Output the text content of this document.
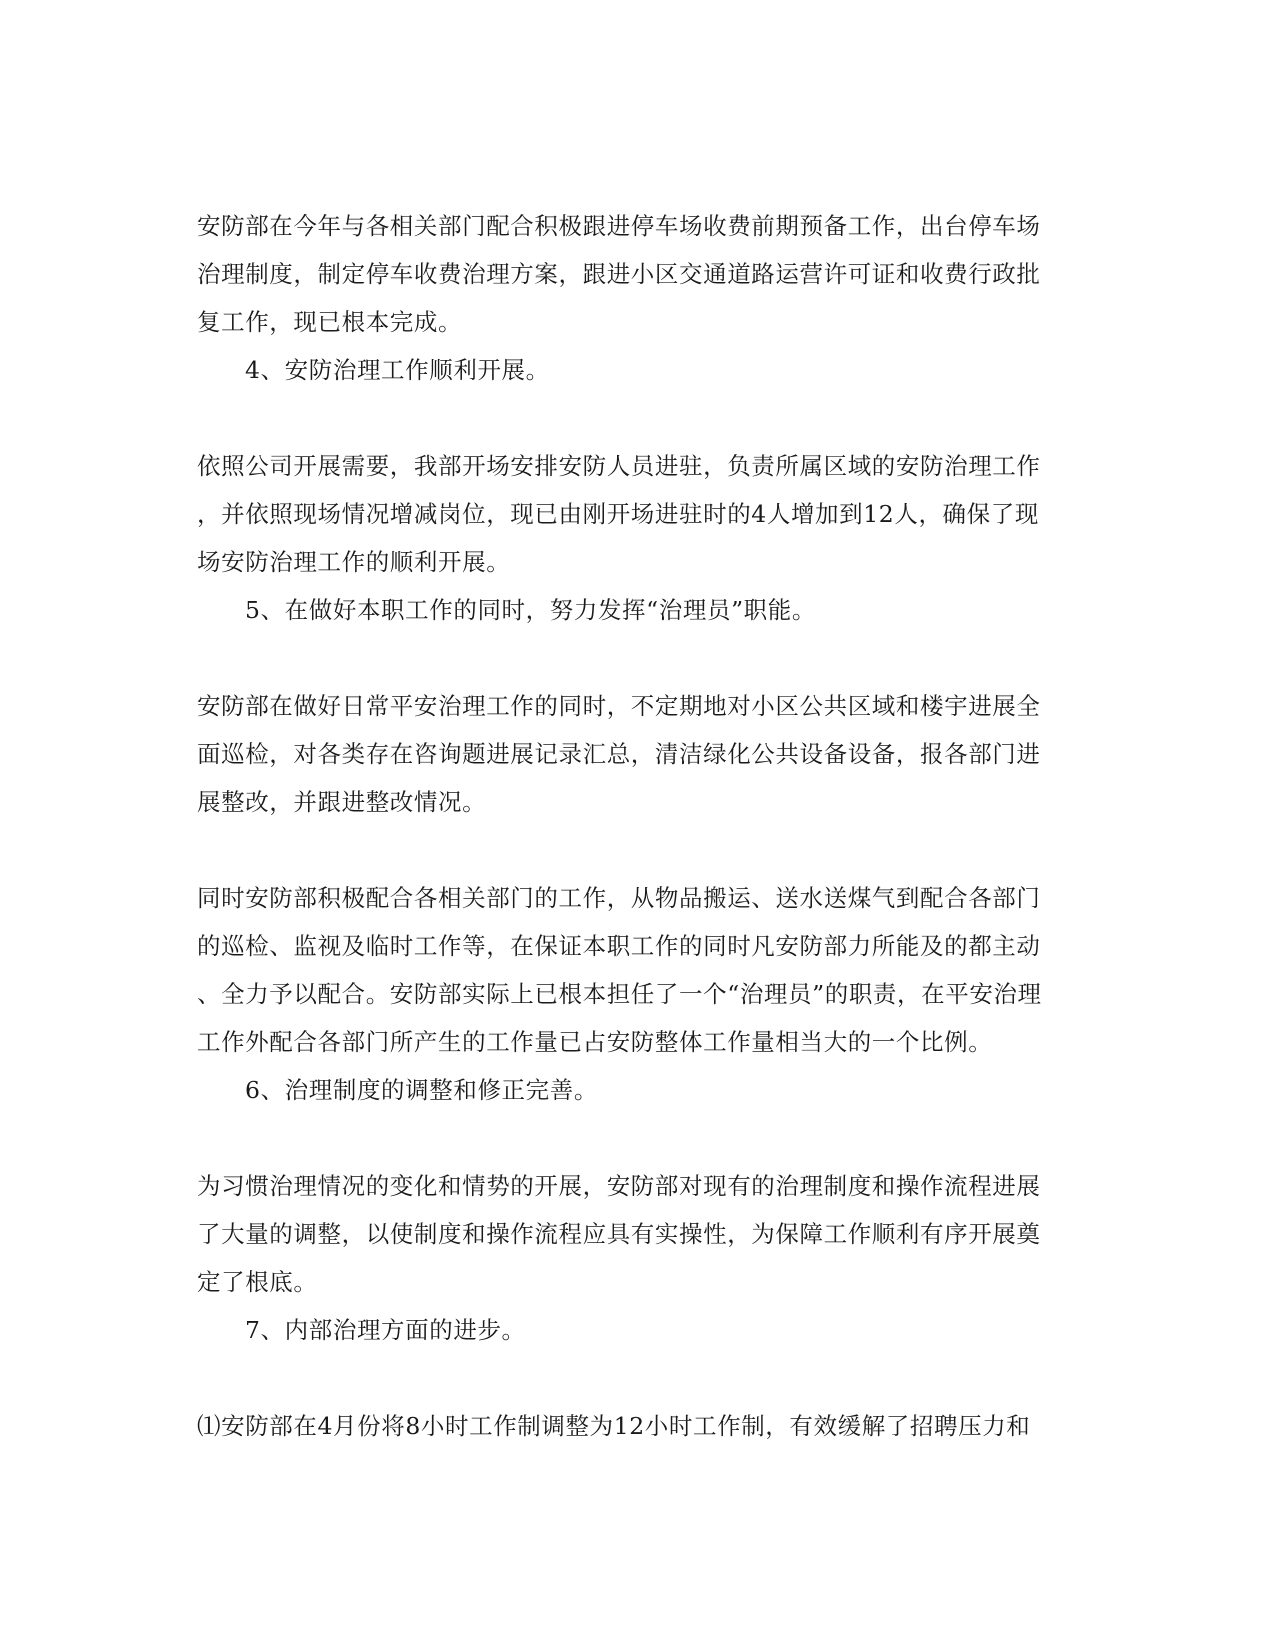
安防部在今年与各相关部门配合积极跟进停车场收费前期预备工作，出台停车场
治理制度，制定停车收费治理方案，跟进小区交通道路运营许可证和收费行政批
复工作，现已根本完成。
4、安防治理工作顺利开展。
依照公司开展需要，我部开场安排安防人员进驻，负责所属区域的安防治理工作
，并依照现场情况增减岗位，现已由刚开场进驻时的4人增加到12人，确保了现
场安防治理工作的顺利开展。
5、在做好本职工作的同时，努力发挥“治理员”职能。
安防部在做好日常平安治理工作的同时，不定期地对小区公共区域和楼宇进展全
面巡检，对各类存在咨询题进展记录汇总，清洁绿化公共设备设备，报各部门进
展整改，并跟进整改情况。
同时安防部积极配合各相关部门的工作，从物品搬运、送水送煤气到配合各部门
的巡检、监视及临时工作等，在保证本职工作的同时凡安防部力所能及的都主动
、全力予以配合。安防部实际上已根本担任了一个“治理员”的职责，在平安治理
工作外配合各部门所产生的工作量已占安防整体工作量相当大的一个比例。
6、治理制度的调整和修正完善。
为习惯治理情况的变化和情势的开展，安防部对现有的治理制度和操作流程进展
了大量的调整，以使制度和操作流程应具有实操性，为保障工作顺利有序开展奠
定了根底。
7、内部治理方面的进步。
⑴安防部在4月份将8小时工作制调整为12小时工作制，有效缓解了招聘压力和
